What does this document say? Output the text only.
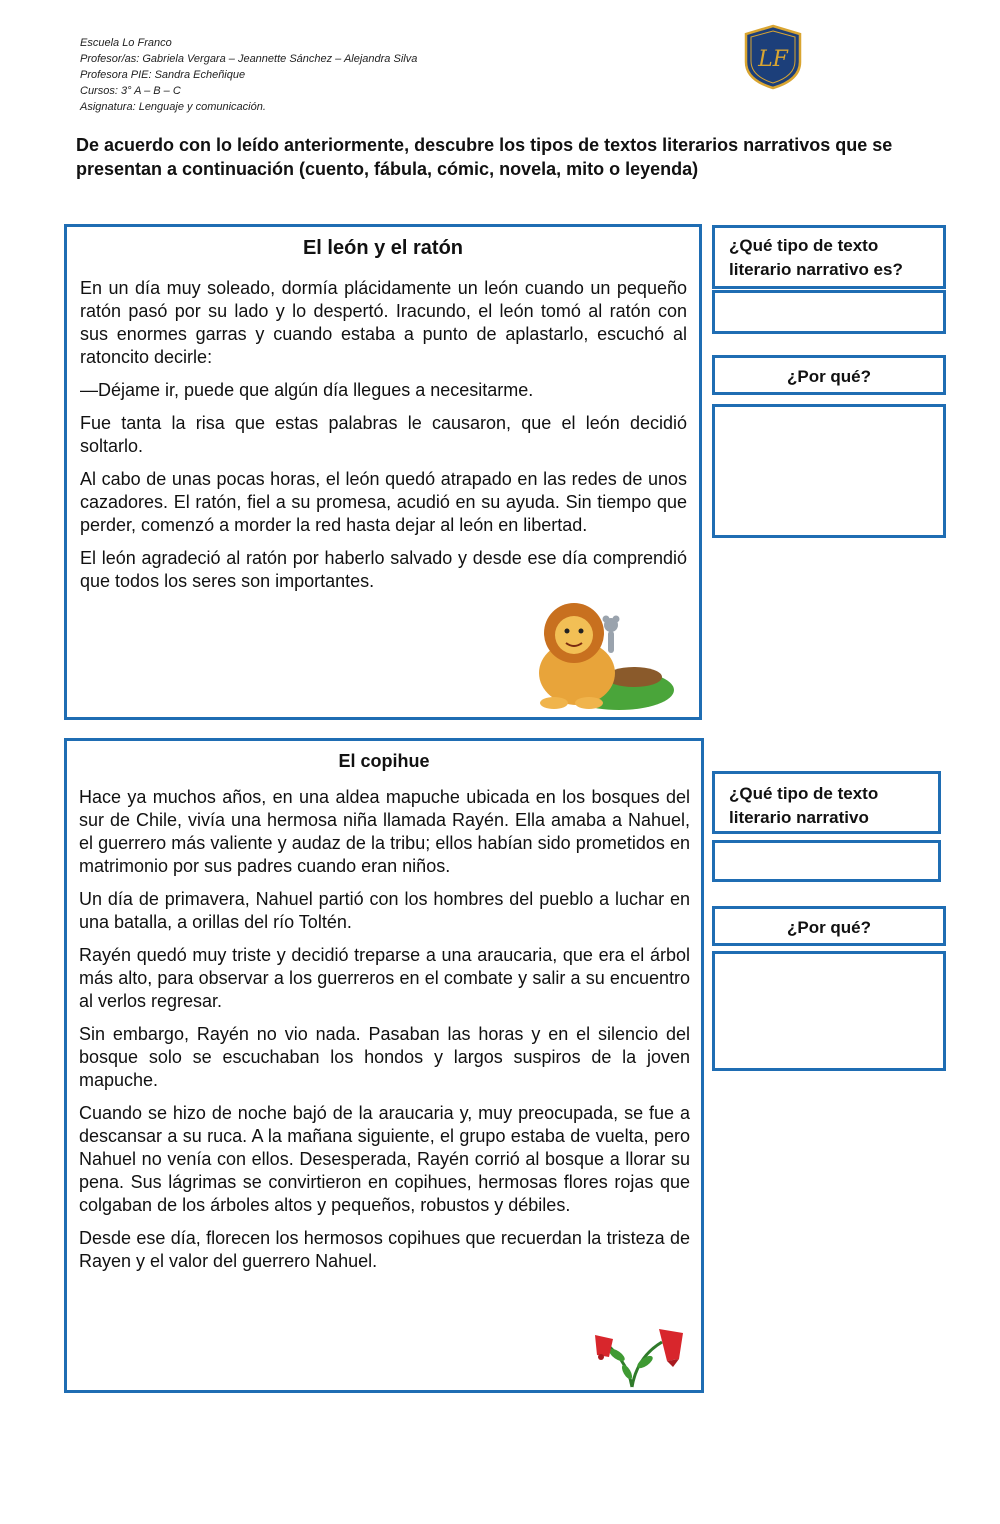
Escuela Lo Franco
Profesor/as: Gabriela Vergara – Jeannette Sánchez – Alejandra Silva
Profesora PIE: Sandra Echeñique
Cursos: 3° A – B – C
Asignatura: Lenguaje y comunicación.
LF
De acuerdo con lo leído anteriormente, descubre los tipos de textos literarios narrativos que se presentan a continuación (cuento, fábula, cómic, novela, mito o leyenda)
El león y el ratón

En un día muy soleado, dormía plácidamente un león cuando un pequeño ratón pasó por su lado y lo despertó. Iracundo, el león tomó al ratón con sus enormes garras y cuando estaba a punto de aplastarlo, escuchó al ratoncito decirle:

—Déjame ir, puede que algún día llegues a necesitarme.

Fue tanta la risa que estas palabras le causaron, que el león decidió soltarlo.

Al cabo de unas pocas horas, el león quedó atrapado en las redes de unos cazadores. El ratón, fiel a su promesa, acudió en su ayuda. Sin tiempo que perder, comenzó a morder la red hasta dejar al león en libertad.

El león agradeció al ratón por haberlo salvado y desde ese día comprendió que todos los seres son importantes.

¿Qué tipo de texto literario narrativo es?
¿Por qué?
El copihue

Hace ya muchos años, en una aldea mapuche ubicada en los bosques del sur de Chile, vivía una hermosa niña llamada Rayén. Ella amaba a Nahuel, el guerrero más valiente y audaz de la tribu; ellos habían sido prometidos en matrimonio por sus padres cuando eran niños.

Un día de primavera, Nahuel partió con los hombres del pueblo a luchar en una batalla, a orillas del río Toltén.

Rayén quedó muy triste y decidió treparse a una araucaria, que era el árbol más alto, para observar a los guerreros en el combate y salir a su encuentro al verlos regresar.

Sin embargo, Rayén no vio nada. Pasaban las horas y en el silencio del bosque solo se escuchaban los hondos y largos suspiros de la joven mapuche.

Cuando se hizo de noche bajó de la araucaria y, muy preocupada, se fue a descansar a su ruca. A la mañana siguiente, el grupo estaba de vuelta, pero Nahuel no venía con ellos. Desesperada, Rayén corrió al bosque a llorar su pena. Sus lágrimas se convirtieron en copihues, hermosas flores rojas que colgaban de los árboles altos y pequeños, robustos y débiles.

Desde ese día, florecen los hermosos copihues que recuerdan la tristeza de Rayen y el valor del guerrero Nahuel.

¿Qué tipo de texto literario narrativo
¿Por qué?
